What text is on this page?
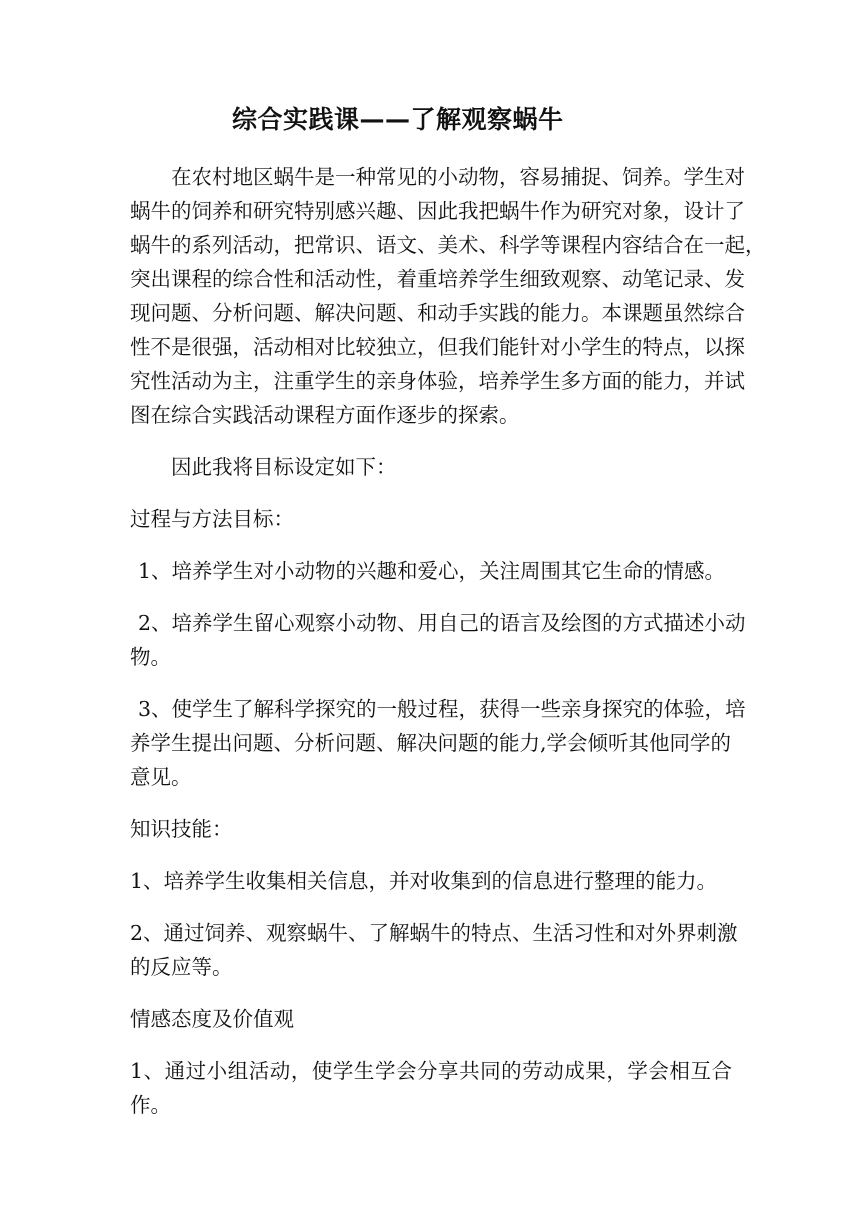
综合实践课——了解观察蜗牛
在农村地区蜗牛是一种常见的小动物，容易捕捉、饲养。学生对
蜗牛的饲养和研究特别感兴趣、因此我把蜗牛作为研究对象，设计了
蜗牛的系列活动，把常识、语文、美术、科学等课程内容结合在一起，
突出课程的综合性和活动性，着重培养学生细致观察、动笔记录、发
现问题、分析问题、解决问题、和动手实践的能力。本课题虽然综合
性不是很强，活动相对比较独立，但我们能针对小学生的特点，以探
究性活动为主，注重学生的亲身体验，培养学生多方面的能力，并试
图在综合实践活动课程方面作逐步的探索。
因此我将目标设定如下：
过程与方法目标：
1、培养学生对小动物的兴趣和爱心，关注周围其它生命的情感。
2、培养学生留心观察小动物、用自己的语言及绘图的方式描述小动
物。
3、使学生了解科学探究的一般过程，获得一些亲身探究的体验，培
养学生提出问题、分析问题、解决问题的能力,学会倾听其他同学的
意见。
知识技能：
1、培养学生收集相关信息，并对收集到的信息进行整理的能力。
2、通过饲养、观察蜗牛、了解蜗牛的特点、生活习性和对外界刺激
的反应等。
情感态度及价值观
1、通过小组活动，使学生学会分享共同的劳动成果，学会相互合作。
